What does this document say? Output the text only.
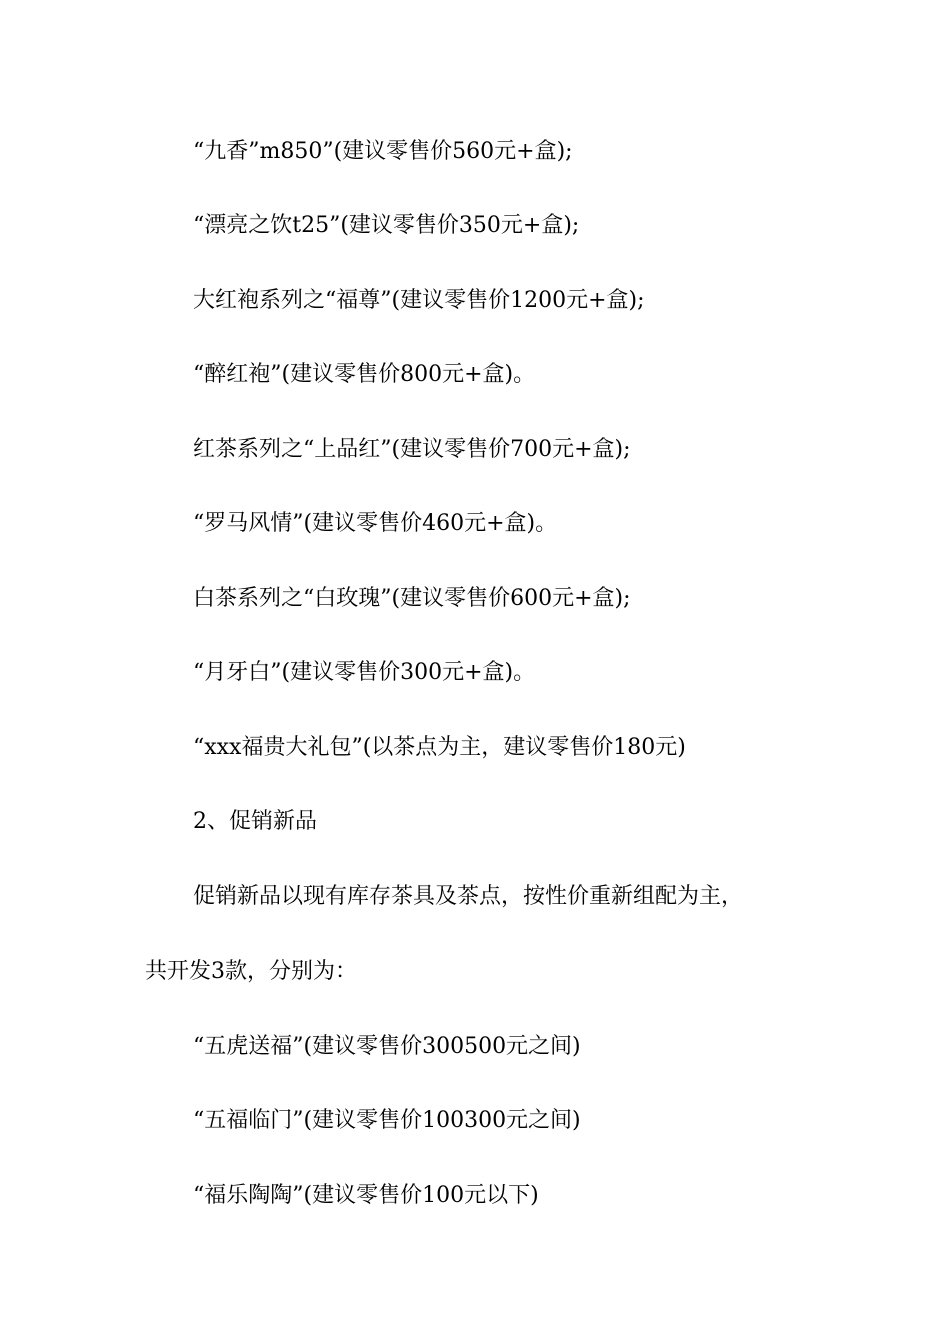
“九香”m850”(建议零售价560元+盒);
“漂亮之饮t25”(建议零售价350元+盒);
大红袍系列之“福尊”(建议零售价1200元+盒);
“醉红袍”(建议零售价800元+盒)。
红茶系列之“上品红”(建议零售价700元+盒);
“罗马风情”(建议零售价460元+盒)。
白茶系列之“白玫瑰”(建议零售价600元+盒);
“月牙白”(建议零售价300元+盒)。
“xxx福贵大礼包”(以茶点为主，建议零售价180元)
2、促销新品
促销新品以现有库存茶具及茶点，按性价重新组配为主，
共开发3款，分别为：
“五虎送福”(建议零售价300500元之间)
“五福临门”(建议零售价100300元之间)
“福乐陶陶”(建议零售价100元以下)
